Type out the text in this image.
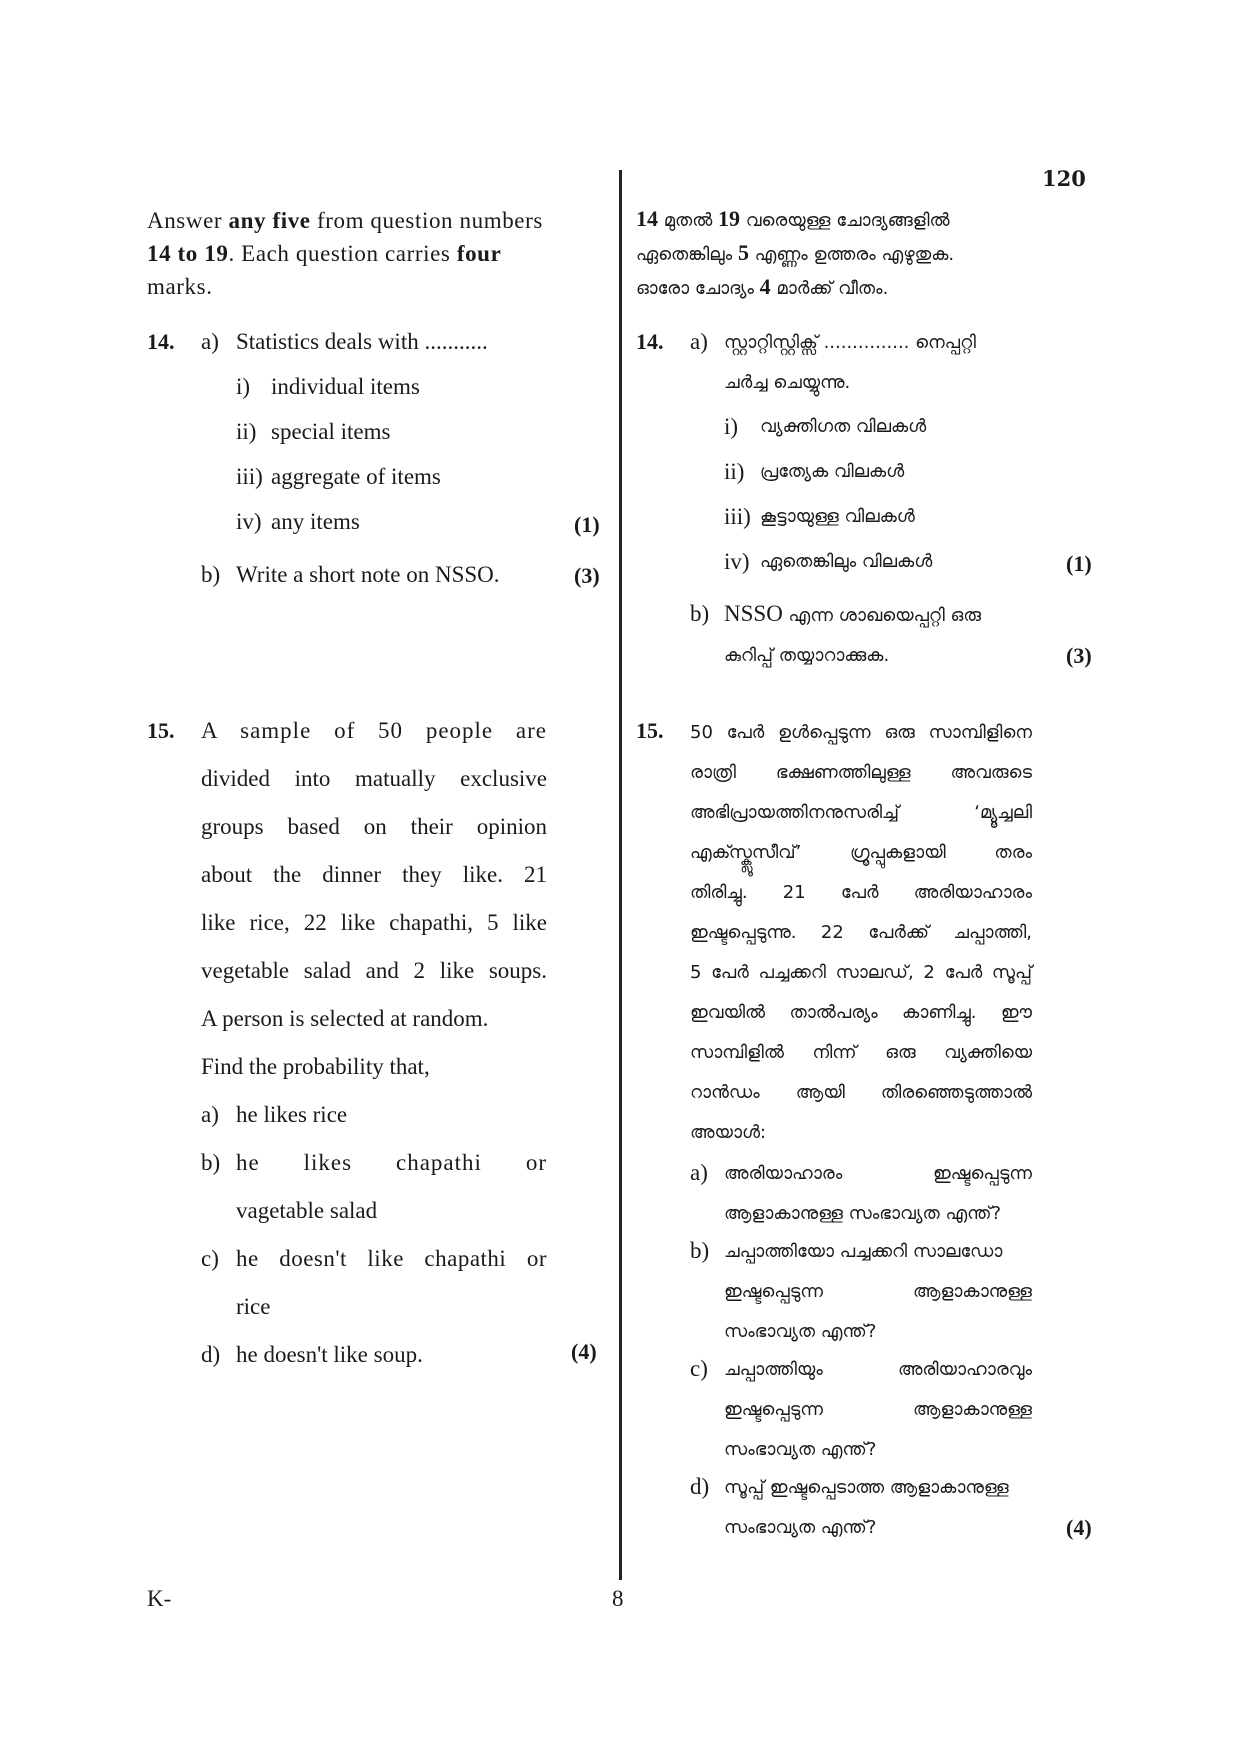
120
K-	8
Answer any five from question numbers 14 to 19. Each question carries four marks.
14 മുതൽ 19 വരെയുള്ള ചോദ്യങ്ങളിൽ
ഏതെങ്കിലും 5 എണ്ണം ഉത്തരം എഴുതുക.
ഓരോ ചോദ്യം 4 മാർക്ക് വീതം.
14. a) Statistics deals with ...........
i) individual items
ii) special items
iii) aggregate of items
iv) any items	(1)
b) Write a short note on NSSO.	(3)
14. a) സ്റ്റാറ്റിസ്റ്റിക്സ് ............... നെപ്പറ്റി
ചർച്ച ചെയ്യുന്നു.
i) വ്യക്തിഗത വിലകൾ
ii) പ്രത്യേക വിലകൾ
iii) കൂട്ടായുള്ള വിലകൾ
iv) ഏതെങ്കിലും വിലകൾ	(1)
b) NSSO എന്ന ശാഖയെപ്പറ്റി ഒരു
കുറിപ്പ് തയ്യാറാക്കുക.	(3)
15. A sample of 50 people are
divided into matually exclusive
groups based on their opinion
about the dinner they like. 21
like rice, 22 like chapathi, 5 like
vegetable salad and 2 like soups.
A person is selected at random.
Find the probability that,
a) he likes rice
b) he likes chapathi or
vagetable salad
c) he doesn't like chapathi or
rice
d) he doesn't like soup.	(4)
15. 50 പേർ ഉൾപ്പെടുന്ന ഒരു സാമ്പിളിനെ
രാത്രി ഭക്ഷണത്തിലുള്ള അവരുടെ
അഭിപ്രായത്തിനനുസരിച്ച് ‘മ്യൂച്ചലി
എക്സ്ക്ലൂസീവ്’ ഗ്രൂപ്പുകളായി തരം
തിരിച്ചു. 21 പേർ അരിയാഹാരം
ഇഷ്ടപ്പെടുന്നു. 22 പേർക്ക് ചപ്പാത്തി,
5 പേർ പച്ചക്കറി സാലഡ്, 2 പേർ സൂപ്പ്
ഇവയിൽ താൽപര്യം കാണിച്ചു. ഈ
സാമ്പിളിൽ നിന്ന് ഒരു വ്യക്തിയെ
റാൻഡം ആയി തിരഞ്ഞെടുത്താൽ
അയാൾ:
a) അരിയാഹാരം ഇഷ്ടപ്പെടുന്ന
ആളാകാനുള്ള സംഭാവ്യത എന്ത്?
b) ചപ്പാത്തിയോ പച്ചക്കറി സാലഡോ
ഇഷ്ടപ്പെടുന്ന ആളാകാനുള്ള
സംഭാവ്യത എന്ത്?
c) ചപ്പാത്തിയും അരിയാഹാരവും
ഇഷ്ടപ്പെടുന്ന ആളാകാനുള്ള
സംഭാവ്യത എന്ത്?
d) സൂപ്പ് ഇഷ്ടപ്പെടാത്ത ആളാകാനുള്ള
സംഭാവ്യത എന്ത്?	(4)
